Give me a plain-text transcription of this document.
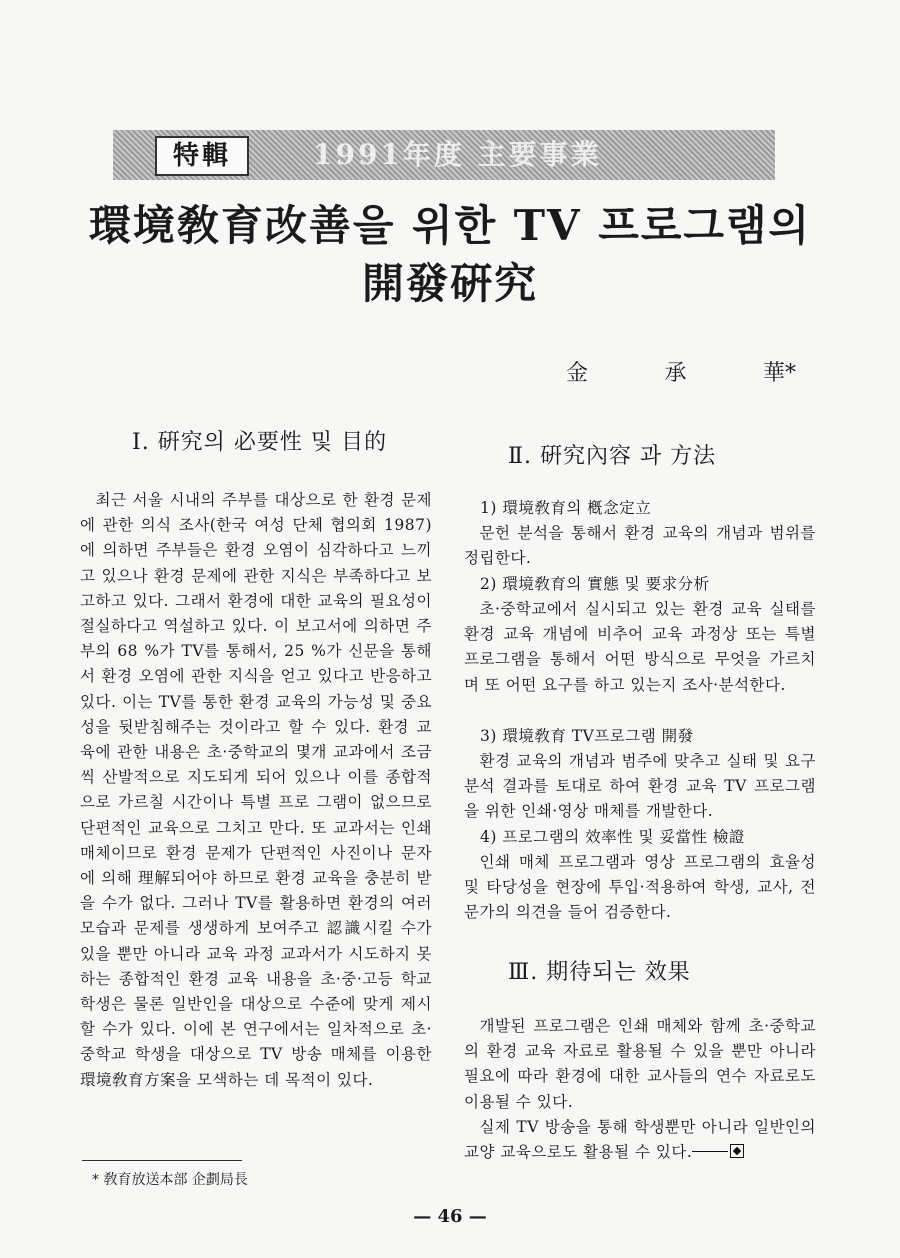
特輯	1991年度 主要事業
環境敎育改善을 위한 TV 프로그램의
開發硏究
金	承	華*
Ⅰ. 硏究의 必要性 및 目的

최근 서울 시내의 주부를 대상으로 한 환경 문제에 관한 의식 조사(한국 여성 단체 협의회 1987)에 의하면 주부들은 환경 오염이 심각하다고 느끼고 있으나 환경 문제에 관한 지식은 부족하다고 보고하고 있다. 그래서 환경에 대한 교육의 필요성이 절실하다고 역설하고 있다. 이 보고서에 의하면 주부의 68 %가 TV를 통해서, 25 %가 신문을 통해서 환경 오염에 관한 지식을 얻고 있다고 반응하고 있다. 이는 TV를 통한 환경 교육의 가능성 및 중요성을 뒷받침해주는 것이라고 할 수 있다. 환경 교육에 관한 내용은 초·중학교의 몇개 교과에서 조금씩 산발적으로 지도되게 되어 있으나 이를 종합적으로 가르칠 시간이나 특별 프로 그램이 없으므로 단편적인 교육으로 그치고 만다. 또 교과서는 인쇄 매체이므로 환경 문제가 단편적인 사진이나 문자에 의해 理解되어야 하므로 환경 교육을 충분히 받을 수가 없다. 그러나 TV를 활용하면 환경의 여러 모습과 문제를 생생하게 보여주고 認識시킬 수가 있을 뿐만 아니라 교육 과정 교과서가 시도하지 못하는 종합적인 환경 교육 내용을 초·중·고등 학교 학생은 물론 일반인을 대상으로 수준에 맞게 제시할 수가 있다. 이에 본 연구에서는 일차적으로 초·중학교 학생을 대상으로 TV 방송 매체를 이용한 環境敎育方案을 모색하는 데 목적이 있다.

Ⅱ. 硏究內容 과 方法
1) 環境敎育의 槪念定立

문헌 분석을 통해서 환경 교육의 개념과 범위를 정립한다.

2) 環境敎育의 實態 및 要求分析

초·중학교에서 실시되고 있는 환경 교육 실태를 환경 교육 개념에 비추어 교육 과정상 또는 특별 프로그램을 통해서 어떤 방식으로 무엇을 가르치며 또 어떤 요구를 하고 있는지 조사·분석한다.

3) 環境敎育 TV프로그램 開發

환경 교육의 개념과 범주에 맞추고 실태 및 요구 분석 결과를 토대로 하여 환경 교육 TV 프로그램을 위한 인쇄·영상 매체를 개발한다.

4) 프로그램의 效率性 및 妥當性 檢證

인쇄 매체 프로그램과 영상 프로그램의 효율성 및 타당성을 현장에 투입·적용하여 학생, 교사, 전문가의 의견을 들어 검증한다.

Ⅲ. 期待되는 效果

개발된 프로그램은 인쇄 매체와 함께 초·중학교의 환경 교육 자료로 활용될 수 있을 뿐만 아니라 필요에 따라 환경에 대한 교사들의 연수 자료로도 이용될 수 있다.

실제 TV 방송을 통해 학생뿐만 아니라 일반인의 교양 교육으로도 활용될 수 있다.

* 敎育放送本部 企劃局長
— 46 —
